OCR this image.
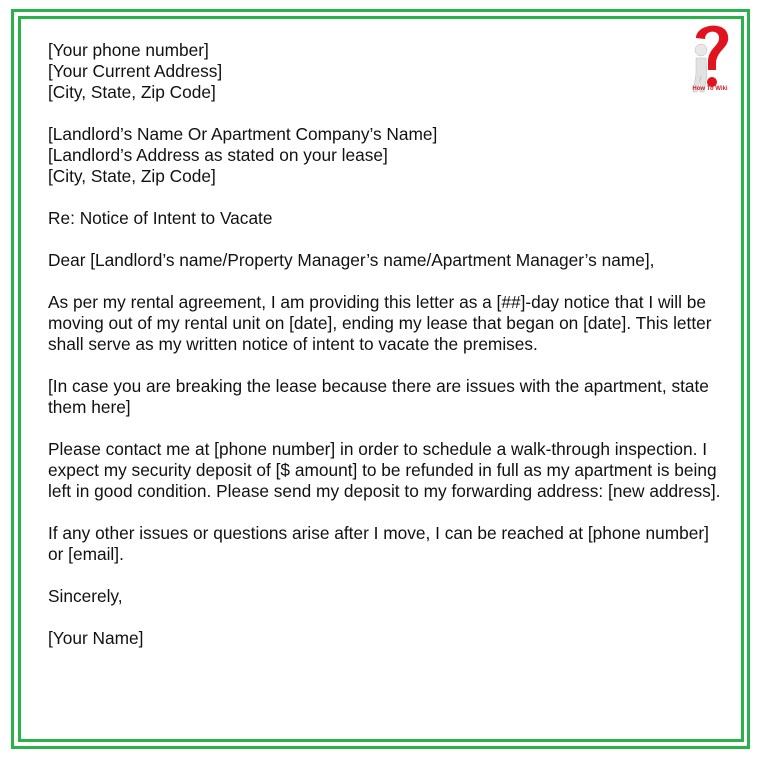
How To Wiki

[Your phone number]
[Your Current Address]
[City, State, Zip Code]

[Landlord’s Name Or Apartment Company’s Name]
[Landlord’s Address as stated on your lease]
[City, State, Zip Code]

Re: Notice of Intent to Vacate

Dear [Landlord’s name/Property Manager’s name/Apartment Manager’s name],

As per my rental agreement, I am providing this letter as a [##]-day notice that I will be moving out of my rental unit on [date], ending my lease that began on [date]. This letter shall serve as my written notice of intent to vacate the premises.

[In case you are breaking the lease because there are issues with the apartment, state them here]

Please contact me at [phone number] in order to schedule a walk-through inspection. I expect my security deposit of [$ amount] to be refunded in full as my apartment is being left in good condition. Please send my deposit to my forwarding address: [new address].

If any other issues or questions arise after I move, I can be reached at [phone number] or [email].

Sincerely,

[Your Name]
